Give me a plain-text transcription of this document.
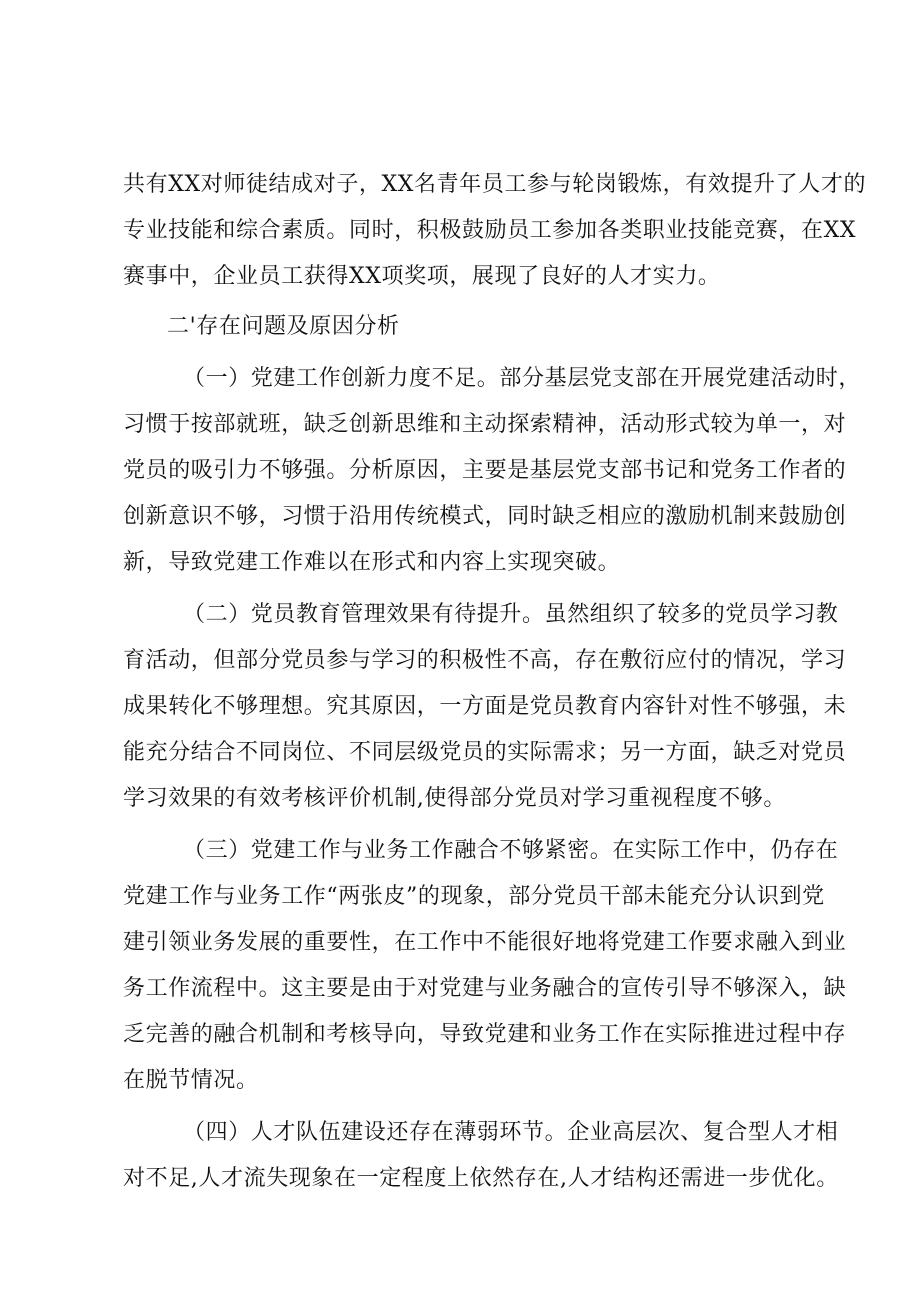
共有XX对师徒结成对子，XX名青年员工参与轮岗锻炼，有效提升了人才的
专业技能和综合素质。同时，积极鼓励员工参加各类职业技能竞赛，在XX
赛事中，企业员工获得XX项奖项，展现了良好的人才实力。
二'存在问题及原因分析
（一）党建工作创新力度不足。部分基层党支部在开展党建活动时，
习惯于按部就班，缺乏创新思维和主动探索精神，活动形式较为单一，对
党员的吸引力不够强。分析原因，主要是基层党支部书记和党务工作者的
创新意识不够，习惯于沿用传统模式，同时缺乏相应的激励机制来鼓励创
新，导致党建工作难以在形式和内容上实现突破。
（二）党员教育管理效果有待提升。虽然组织了较多的党员学习教
育活动，但部分党员参与学习的积极性不高，存在敷衍应付的情况，学习
成果转化不够理想。究其原因，一方面是党员教育内容针对性不够强，未
能充分结合不同岗位、不同层级党员的实际需求；另一方面，缺乏对党员
学习效果的有效考核评价机制,使得部分党员对学习重视程度不够。
（三）党建工作与业务工作融合不够紧密。在实际工作中，仍存在
党建工作与业务工作“两张皮”的现象，部分党员干部未能充分认识到党
建引领业务发展的重要性，在工作中不能很好地将党建工作要求融入到业
务工作流程中。这主要是由于对党建与业务融合的宣传引导不够深入，缺
乏完善的融合机制和考核导向，导致党建和业务工作在实际推进过程中存
在脱节情况。
（四）人才队伍建设还存在薄弱环节。企业高层次、复合型人才相
对不足,人才流失现象在一定程度上依然存在,人才结构还需进一步优化。
